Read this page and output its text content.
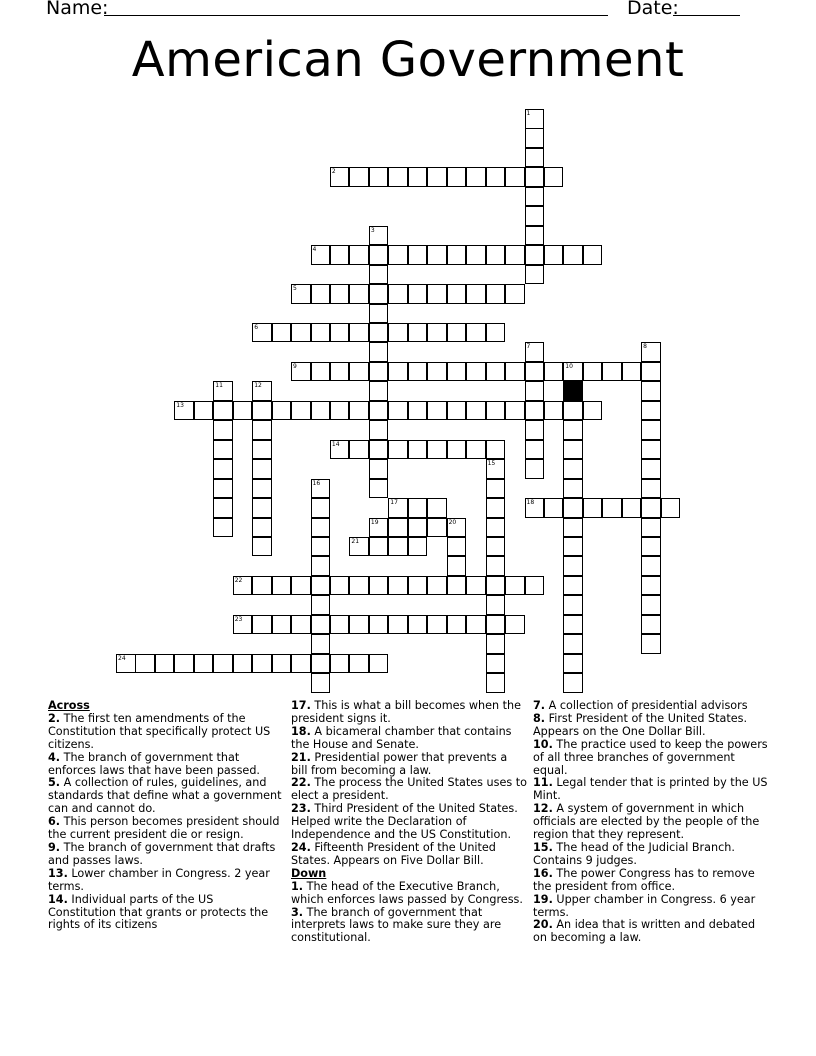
Name:	Date:
American Government
1
2
3
4
5
6
7	8
9	10
11	12
13
14
15
16
17	18
19	20
21
22
23
24
Across

2. The first ten amendments of the Constitution that specifically protect US citizens.

4. The branch of government that enforces laws that have been passed.

5. A collection of rules, guidelines, and standards that define what a government can and cannot do.

6. This person becomes president should the current president die or resign.

9. The branch of government that drafts and passes laws.

13. Lower chamber in Congress. 2 year terms.

14. Individual parts of the US Constitution that grants or protects the rights of its citizens

17. This is what a bill becomes when the president signs it.

18. A bicameral chamber that contains the House and Senate.

21. Presidential power that prevents a bill from becoming a law.

22. The process the United States uses to elect a president.

23. Third President of the United States. Helped write the Declaration of Independence and the US Constitution.

24. Fifteenth President of the United States. Appears on Five Dollar Bill.

Down

1. The head of the Executive Branch, which enforces laws passed by Congress.

3. The branch of government that interprets laws to make sure they are constitutional.

7. A collection of presidential advisors

8. First President of the United States. Appears on the One Dollar Bill.

10. The practice used to keep the powers of all three branches of government equal.

11. Legal tender that is printed by the US Mint.

12. A system of government in which officials are elected by the people of the region that they represent.

15. The head of the Judicial Branch. Contains 9 judges.

16. The power Congress has to remove the president from office.

19. Upper chamber in Congress. 6 year terms.

20. An idea that is written and debated on becoming a law.
